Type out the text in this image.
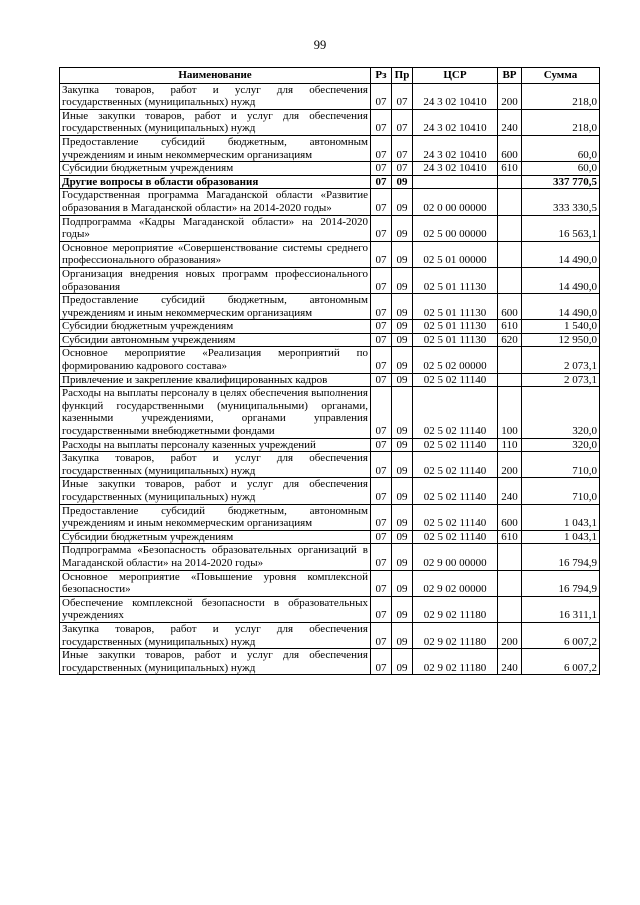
99
Наименование	Рз	Пр	ЦСР	ВР	Сумма
Закупка товаров, работ и услуг для обеспечения государственных (муниципальных) нужд	07	07	24 3 02 10410	200	218,0
Иные закупки товаров, работ и услуг для обеспечения государственных (муниципальных) нужд	07	07	24 3 02 10410	240	218,0
Предоставление субсидий бюджетным, автономным учреждениям и иным некоммерческим организациям	07	07	24 3 02 10410	600	60,0
Субсидии бюджетным учреждениям	07	07	24 3 02 10410	610	60,0
Другие вопросы в области образования	07	09			337 770,5
Государственная программа Магаданской области «Развитие образования в Магаданской области» на 2014-2020 годы»	07	09	02 0 00 00000		333 330,5
Подпрограмма «Кадры Магаданской области» на 2014-2020 годы»	07	09	02 5 00 00000		16 563,1
Основное мероприятие «Совершенствование системы среднего профессионального образования»	07	09	02 5 01 00000		14 490,0
Организация внедрения новых программ профессионального образования	07	09	02 5 01 11130		14 490,0
Предоставление субсидий бюджетным, автономным учреждениям и иным некоммерческим организациям	07	09	02 5 01 11130	600	14 490,0
Субсидии бюджетным учреждениям	07	09	02 5 01 11130	610	1 540,0
Субсидии автономным учреждениям	07	09	02 5 01 11130	620	12 950,0
Основное мероприятие «Реализация мероприятий по формированию кадрового состава»	07	09	02 5 02 00000		2 073,1
Привлечение и закрепление квалифицированных кадров	07	09	02 5 02 11140		2 073,1
Расходы на выплаты персоналу в целях обеспечения выполнения функций государственными (муниципальными) органами, казенными учреждениями, органами управления государственными внебюджетными фондами	07	09	02 5 02 11140	100	320,0
Расходы на выплаты персоналу казенных учреждений	07	09	02 5 02 11140	110	320,0
Закупка товаров, работ и услуг для обеспечения государственных (муниципальных) нужд	07	09	02 5 02 11140	200	710,0
Иные закупки товаров, работ и услуг для обеспечения государственных (муниципальных) нужд	07	09	02 5 02 11140	240	710,0
Предоставление субсидий бюджетным, автономным учреждениям и иным некоммерческим организациям	07	09	02 5 02 11140	600	1 043,1
Субсидии бюджетным учреждениям	07	09	02 5 02 11140	610	1 043,1
Подпрограмма «Безопасность образовательных организаций в Магаданской области» на 2014-2020 годы»	07	09	02 9 00 00000		16 794,9
Основное мероприятие «Повышение уровня комплексной безопасности»	07	09	02 9 02 00000		16 794,9
Обеспечение комплексной безопасности в образовательных учреждениях	07	09	02 9 02 11180		16 311,1
Закупка товаров, работ и услуг для обеспечения государственных (муниципальных) нужд	07	09	02 9 02 11180	200	6 007,2
Иные закупки товаров, работ и услуг для обеспечения государственных (муниципальных) нужд	07	09	02 9 02 11180	240	6 007,2
